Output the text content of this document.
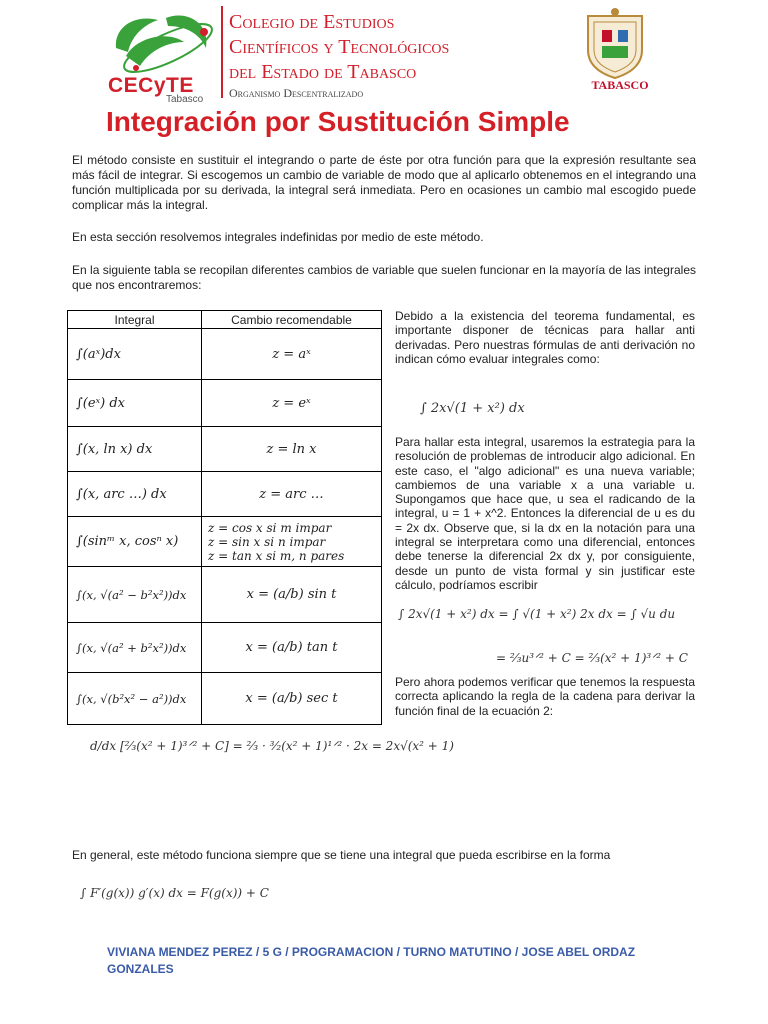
CECyTE
Tabasco
Colegio de Estudios
Científicos y Tecnológicos
del Estado de Tabasco
Organismo Descentralizado
TABASCO
Integración por Sustitución Simple
El método consiste en sustituir el integrando o parte de éste por otra función para que la expresión resultante sea más fácil de integrar. Si escogemos un cambio de variable de modo que al aplicarlo obtenemos en el integrando una función multiplicada por su derivada, la integral será inmediata. Pero en ocasiones un cambio mal escogido puede complicar más la integral.
En esta sección resolvemos integrales indefinidas por medio de este método.
En la siguiente tabla se recopilan diferentes cambios de variable que suelen funcionar en la mayoría de las integrales que nos encontraremos:
Integral	Cambio recomendable
∫(aˣ)dx	z = aˣ
∫(eˣ) dx	z = eˣ
∫(x, ln x) dx	z = ln x
∫(x, arc …) dx	z = arc …
∫(sinᵐ x, cosⁿ x)	z = cos x si m impar
z = sin x si n impar
z = tan x si m, n pares

∫(x, √(a² − b²x²))dx	x = (a/b) sin t
∫(x, √(a² + b²x²))dx	x = (a/b) tan t
∫(x, √(b²x² − a²))dx	x = (a/b) sec t
Debido a la existencia del teorema fundamental, es importante disponer de técnicas para hallar anti derivadas. Pero nuestras fórmulas de anti derivación no indican cómo evaluar integrales como:
∫ 2x√(1 + x²) dx
Para hallar esta integral, usaremos la estrategia para la resolución de problemas de introducir algo adicional. En este caso, el "algo adicional" es una nueva variable; cambiemos de una variable x a una variable u. Supongamos que hace que, u sea el radicando de la integral, u = 1 + x^2. Entonces la diferencial de u es du = 2x dx. Observe que, si la dx en la notación para una integral se interpretara como una diferencial, entonces debe tenerse la diferencial 2x dx y, por consiguiente, desde un punto de vista formal y sin justificar este cálculo, podríamos escribir
∫ 2x√(1 + x²) dx = ∫ √(1 + x²) 2x dx = ∫ √u du
= ⅔u³ᐟ² + C = ⅔(x² + 1)³ᐟ² + C
Pero ahora podemos verificar que tenemos la respuesta correcta aplicando la regla de la cadena para derivar la función final de la ecuación 2:
d/dx [⅔(x² + 1)³ᐟ² + C] = ⅔ · ³⁄₂(x² + 1)¹ᐟ² · 2x = 2x√(x² + 1)
En general, este método funciona siempre que se tiene una integral que pueda escribirse en la forma
∫ F′(g(x)) g′(x) dx = F(g(x)) + C
VIVIANA MENDEZ PEREZ / 5 G / PROGRAMACION / TURNO MATUTINO / JOSE ABEL ORDAZ GONZALES
